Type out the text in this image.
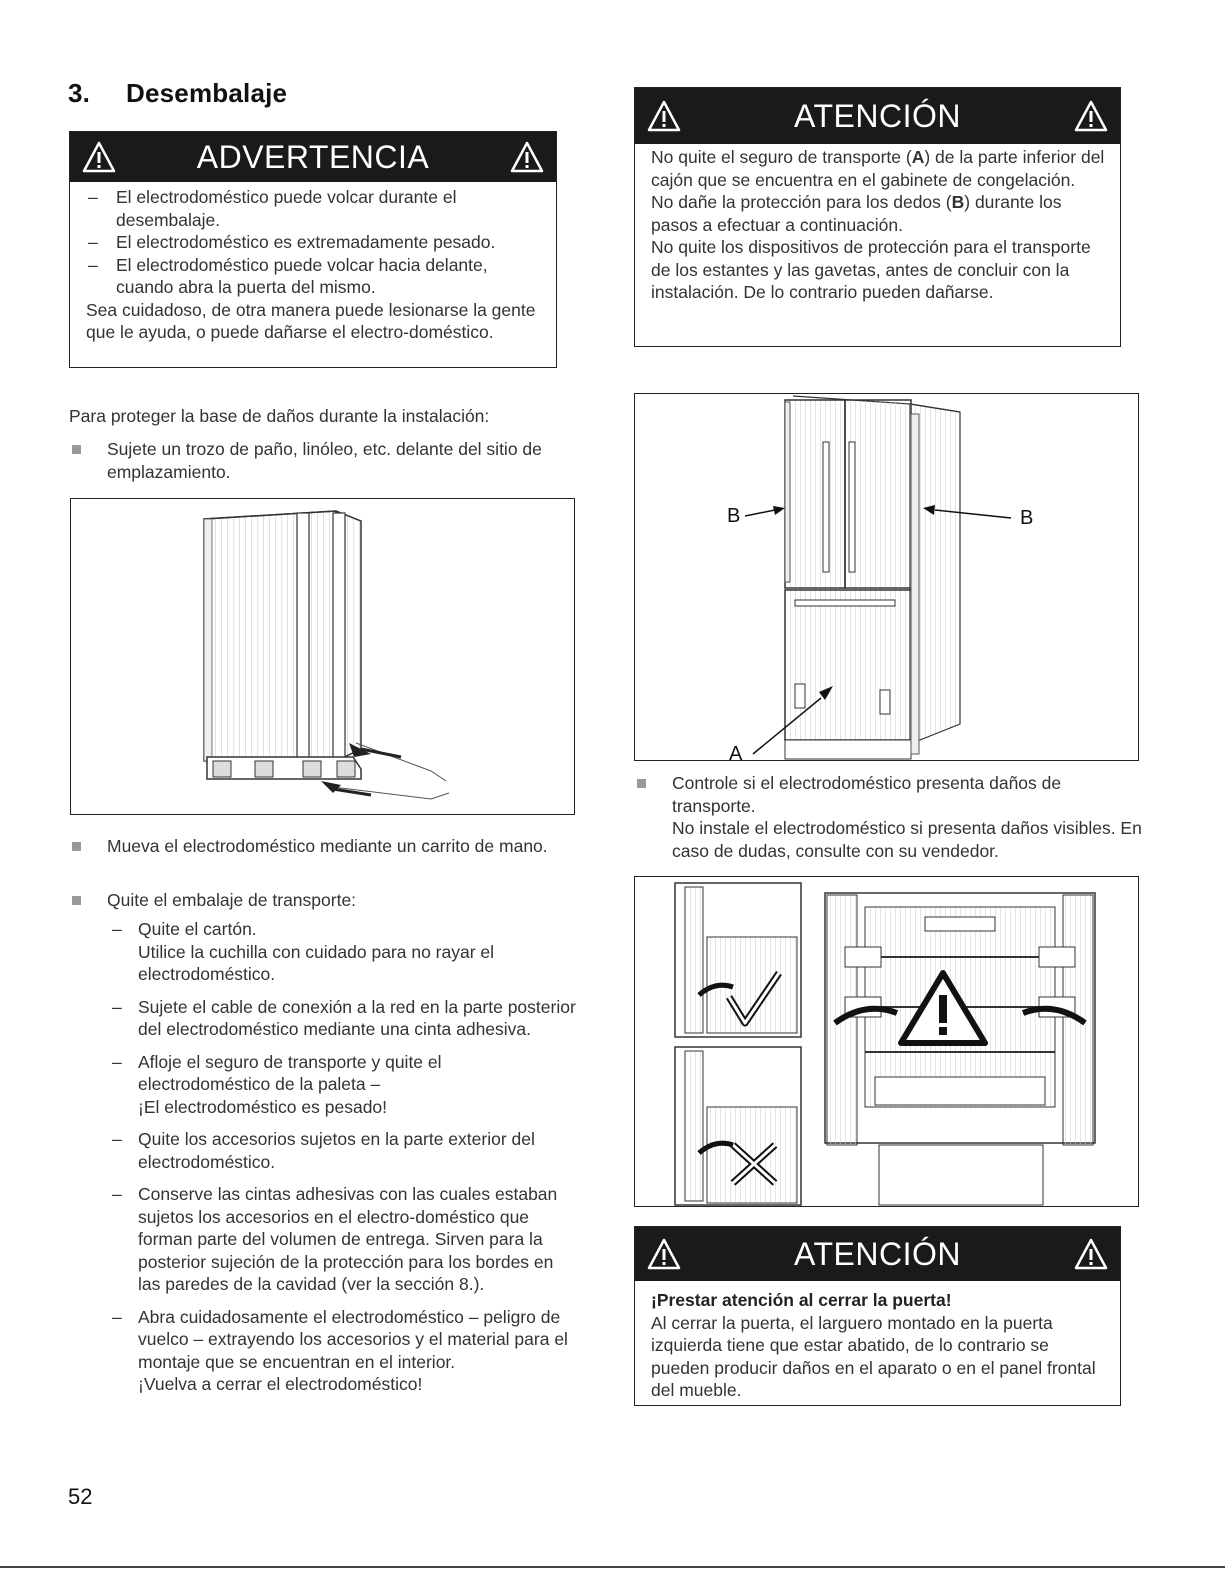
3. Desembalaje
ADVERTENCIA
– El electrodoméstico puede volcar durante el desembalaje.
– El electrodoméstico es extremadamente pesado.
– El electrodoméstico puede volcar hacia delante, cuando abra la puerta del mismo.

Sea cuidadoso, de otra manera puede lesionarse la gente que le ayuda, o puede dañarse el electro-doméstico.

Para proteger la base de daños durante la instalación:

Sujete un trozo de paño, linóleo, etc. delante del sitio de emplazamiento.

Mueva el electrodoméstico mediante un carrito de mano.

Quite el embalaje de transporte:

– Quite el cartón.
Utilice la cuchilla con cuidado para no rayar el electrodoméstico.
– Sujete el cable de conexión a la red en la parte posterior del electrodoméstico mediante una cinta adhesiva.
– Afloje el seguro de transporte y quite el electrodoméstico de la paleta –
¡El electrodoméstico es pesado!
– Quite los accesorios sujetos en la parte exterior del electrodoméstico.
– Conserve las cintas adhesivas con las cuales estaban sujetos los accesorios en el electro-doméstico que forman parte del volumen de entrega. Sirven para la posterior sujeción de la protección para los bordes en las paredes de la cavidad (ver la sección 8.).
– Abra cuidadosamente el electrodoméstico – peligro de vuelco – extrayendo los accesorios y el material para el montaje que se encuentran en el interior.
¡Vuelva a cerrar el electrodoméstico!
ATENCIÓN

No quite el seguro de transporte (A) de la parte inferior del cajón que se encuentra en el gabinete de congelación.

No dañe la protección para los dedos (B) durante los pasos a efectuar a continuación.

No quite los dispositivos de protección para el transporte de los estantes y las gavetas, antes de concluir con la instalación. De lo contrario pueden dañarse.

B	B
A

Controle si el electrodoméstico presenta daños de transporte.

No instale el electrodoméstico si presenta daños visibles. En caso de dudas, consulte con su vendedor.

ATENCIÓN

¡Prestar atención al cerrar la puerta!

Al cerrar la puerta, el larguero montado en la puerta izquierda tiene que estar abatido, de lo contrario se pueden producir daños en el aparato o en el panel frontal del mueble.

52
